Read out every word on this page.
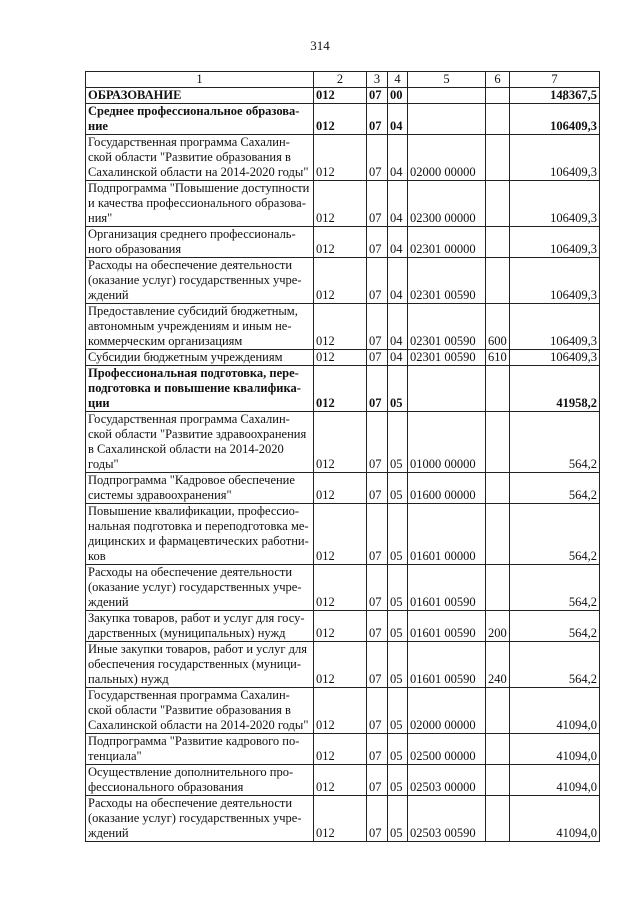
314
1	2	3	4	5	6	7
ОБРАЗОВАНИЕ	012	07	00			148367,5
Среднее профессиональное образова-
ние	012	07	04			106409,3
Государственная программа Сахалин-
ской области "Развитие образования в
Сахалинской области на 2014-2020 годы"	012	07	04	02000 00000		106409,3
Подпрограмма "Повышение доступности
и качества профессионального образова-
ния"	012	07	04	02300 00000		106409,3
Организация среднего профессиональ-
ного образования	012	07	04	02301 00000		106409,3
Расходы на обеспечение деятельности
(оказание услуг) государственных учре-
ждений	012	07	04	02301 00590		106409,3
Предоставление субсидий бюджетным,
автономным учреждениям и иным не-
коммерческим организациям	012	07	04	02301 00590	600	106409,3
Субсидии бюджетным учреждениям	012	07	04	02301 00590	610	106409,3
Профессиональная подготовка, пере-
подготовка и повышение квалифика-
ции	012	07	05			41958,2
Государственная программа Сахалин-
ской области "Развитие здравоохранения
в Сахалинской области на 2014-2020
годы"	012	07	05	01000 00000		564,2
Подпрограмма "Кадровое обеспечение
системы здравоохранения"	012	07	05	01600 00000		564,2
Повышение квалификации, профессио-
нальная подготовка и переподготовка ме-
дицинских и фармацевтических работни-
ков	012	07	05	01601 00000		564,2
Расходы на обеспечение деятельности
(оказание услуг) государственных учре-
ждений	012	07	05	01601 00590		564,2
Закупка товаров, работ и услуг для госу-
дарственных (муниципальных) нужд	012	07	05	01601 00590	200	564,2
Иные закупки товаров, работ и услуг для
обеспечения государственных (муници-
пальных) нужд	012	07	05	01601 00590	240	564,2
Государственная программа Сахалин-
ской области "Развитие образования в
Сахалинской области на 2014-2020 годы"	012	07	05	02000 00000		41094,0
Подпрограмма "Развитие кадрового по-
тенциала"	012	07	05	02500 00000		41094,0
Осуществление дополнительного про-
фессионального образования	012	07	05	02503 00000		41094,0
Расходы на обеспечение деятельности
(оказание услуг) государственных учре-
ждений	012	07	05	02503 00590		41094,0
